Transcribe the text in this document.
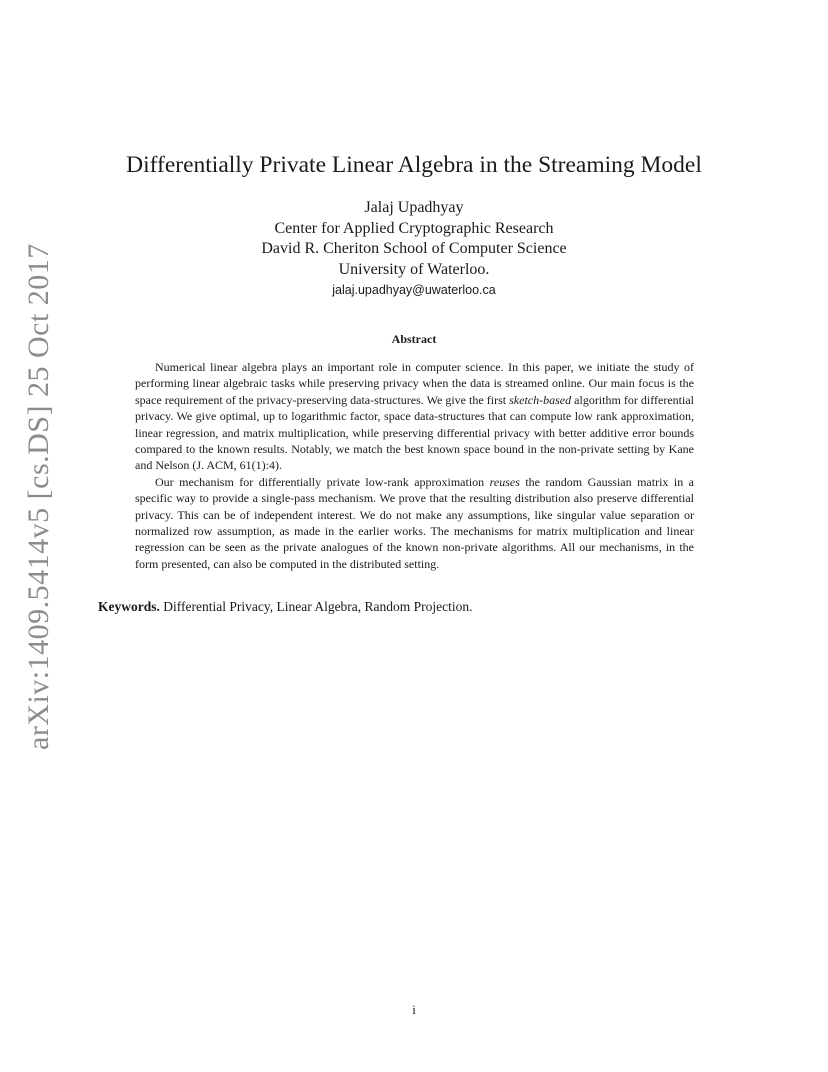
arXiv:1409.5414v5 [cs.DS] 25 Oct 2017
Differentially Private Linear Algebra in the Streaming Model
Jalaj Upadhyay
Center for Applied Cryptographic Research
David R. Cheriton School of Computer Science
University of Waterloo.
jalaj.upadhyay@uwaterloo.ca
Abstract

Numerical linear algebra plays an important role in computer science. In this paper, we initiate the study of performing linear algebraic tasks while preserving privacy when the data is streamed online. Our main focus is the space requirement of the privacy-preserving data-structures. We give the first sketch-based algorithm for differential privacy. We give optimal, up to logarithmic factor, space data-structures that can compute low rank approximation, linear regression, and matrix multiplication, while preserving differential privacy with better additive error bounds compared to the known results. Notably, we match the best known space bound in the non-private setting by Kane and Nelson (J. ACM, 61(1):4).

Our mechanism for differentially private low-rank approximation reuses the random Gaussian matrix in a specific way to provide a single-pass mechanism. We prove that the resulting distribution also preserve differential privacy. This can be of independent interest. We do not make any assumptions, like singular value separation or normalized row assumption, as made in the earlier works. The mechanisms for matrix multiplication and linear regression can be seen as the private analogues of the known non-private algorithms. All our mechanisms, in the form presented, can also be computed in the distributed setting.

Keywords. Differential Privacy, Linear Algebra, Random Projection.
i
